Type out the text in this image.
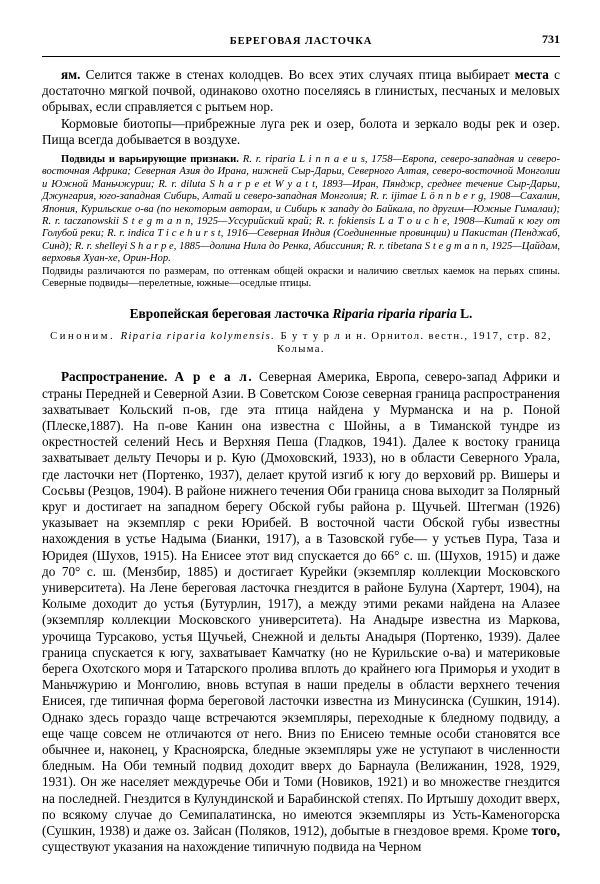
БЕРЕГОВАЯ ЛАСТОЧКА	731

ям. Селится также в стенах колодцев. Во всех этих случаях птица выбирает места с достаточно мягкой почвой, одинаково охотно поселяясь в глинистых, песчаных и меловых обрывах, если справляется с рытьем нор.

Кормовые биотопы—прибрежные луга рек и озер, болота и зеркало воды рек и озер. Пища всегда добывается в воздухе.

Подвиды и варьирующие признаки. R. r. riparia L i n n a e u s, 1758—Европа, северо-западная и северо-восточная Африка; Северная Азия до Ирана, нижней Сыр-Дарьи, Северного Алтая, северо-восточной Монголии и Южной Маньчжурии; R. r. diluta S h a r p e et W y a t t, 1893—Иран, Пянджр, среднее течение Сыр-Дарьи, Джунгария, юго-западная Сибирь, Алтай и северо-западная Монголия; R. r. ijimae L ö n n b e r g, 1908—Сахалин, Япония, Курильские о-ва (по некоторым авторам, и Сибирь к западу до Байкала, по другим—Южные Гималаи); R. r. taczanowskii S t e g m a n n, 1925—Уссурийский край; R. r. fokiensis L a T o u c h e, 1908—Китай к югу от Голубой реки; R. r. indica T i c e h u r s t, 1916—Северная Индия (Соединенные провинции) и Пакистан (Пенджаб, Синд); R. r. shelleyi S h a r p e, 1885—долина Нила до Ренка, Абиссиния; R. r. tibetana S t e g m a n n, 1925—Цайдам, верховья Хуан-хе, Орин-Нор.

Подвиды различаются по размерам, по оттенкам общей окраски и наличию светлых каемок на перьях спины. Северные подвиды—перелетные, южные—оседлые птицы.

Европейская береговая ласточка Riparia riparia riparia L.
Синоним. Riparia riparia kolymensis. Б у т у р л и н. Орнитол. вестн., 1917, стр. 82, Колыма.

Распространение. А р е а л. Северная Америка, Европа, северо-запад Африки и страны Передней и Северной Азии. В Советском Союзе северная граница распространения захватывает Кольский п-ов, где эта птица найдена у Мурманска и на р. Поной (Плеске,1887). На п-ове Канин она известна с Шойны, а в Тиманской тундре из окрестностей селений Несь и Верхняя Пеша (Гладков, 1941). Далее к востоку граница захватывает дельту Печоры и р. Кую (Дмоховский, 1933), но в области Северного Урала, где ласточки нет (Портенко, 1937), делает крутой изгиб к югу до верховий рр. Вишеры и Сосьвы (Резцов, 1904). В районе нижнего течения Оби граница снова выходит за Полярный круг и достигает на западном берегу Обской губы района р. Щучьей. Штегман (1926) указывает на экземпляр с реки Юрибей. В восточной части Обской губы известны нахождения в устье Надыма (Бианки, 1917), а в Тазовской губе— у устьев Пура, Таза и Юридея (Шухов, 1915). На Енисее этот вид спускается до 66° с. ш. (Шухов, 1915) и даже до 70° с. ш. (Мензбир, 1885) и достигает Курейки (экземпляр коллекции Московского университета). На Лене береговая ласточка гнездится в районе Булуна (Хартерт, 1904), на Колыме доходит до устья (Бутурлин, 1917), а между этими реками найдена на Алазее (экземпляр коллекции Московского университета). На Анадыре известна из Маркова, урочища Турсаково, устья Щучьей, Снежной и дельты Анадыря (Портенко, 1939). Далее граница спускается к югу, захватывает Камчатку (но не Курильские о-ва) и материковые берега Охотского моря и Татарского пролива вплоть до крайнего юга Приморья и уходит в Маньчжурию и Монголию, вновь вступая в наши пределы в области верхнего течения Енисея, где типичная форма береговой ласточки известна из Минусинска (Сушкин, 1914). Однако здесь гораздо чаще встречаются экземпляры, переходные к бледному подвиду, а еще чаще совсем не отличаются от него. Вниз по Енисею темные особи становятся все обычнее и, наконец, у Красноярска, бледные экземпляры уже не уступают в численности бледным. На Оби темный подвид доходит вверх до Барнаула (Велижанин, 1928, 1929, 1931). Он же населяет междуречье Оби и Томи (Новиков, 1921) и во множестве гнездится на последней. Гнездится в Кулундинской и Барабинской степях. По Иртышу доходит вверх, по всякому случае до Семипалатинска, но имеются экземпляры из Усть-Каменогорска (Сушкин, 1938) и даже оз. Зайсан (Поляков, 1912), добытые в гнездовое время. Кроме того, существуют указания на нахождение типичную подвида на Черном
